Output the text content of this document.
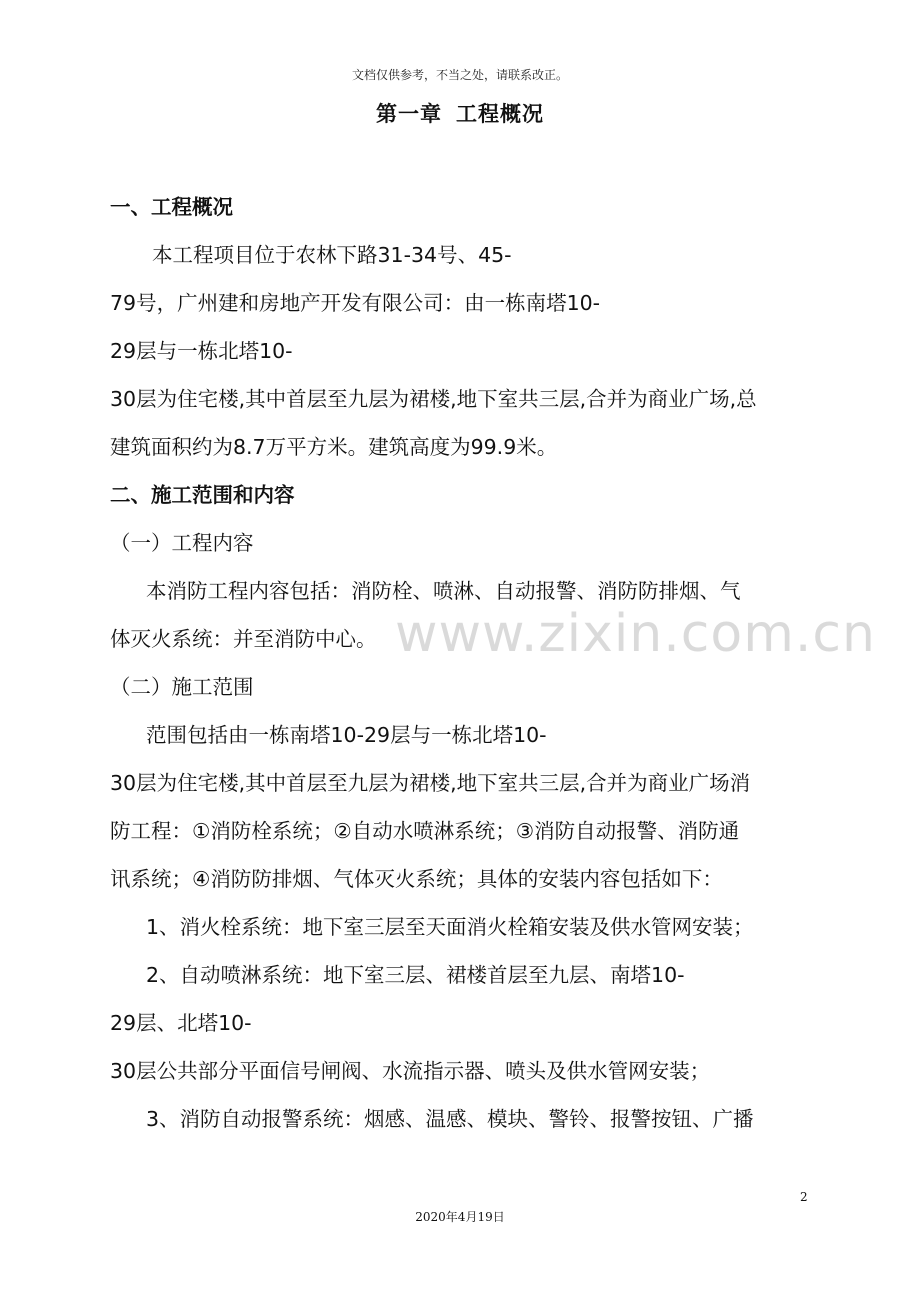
文档仅供参考，不当之处，请联系改正。
第一章 工程概况
一、工程概况
本工程项目位于农林下路31-34号、45-
79号，广州建和房地产开发有限公司：由一栋南塔10-
29层与一栋北塔10-
30层为住宅楼,其中首层至九层为裙楼,地下室共三层,合并为商业广场,总
建筑面积约为8.7万平方米。建筑高度为99.9米。
二、施工范围和内容
（一）工程内容
本消防工程内容包括：消防栓、喷淋、自动报警、消防防排烟、气
体灭火系统：并至消防中心。
（二）施工范围
范围包括由一栋南塔10-29层与一栋北塔10-
30层为住宅楼,其中首层至九层为裙楼,地下室共三层,合并为商业广场消
防工程：①消防栓系统；②自动水喷淋系统；③消防自动报警、消防通
讯系统；④消防防排烟、气体灭火系统；具体的安装内容包括如下：
1、消火栓系统：地下室三层至天面消火栓箱安装及供水管网安装；
2、自动喷淋系统：地下室三层、裙楼首层至九层、南塔10-
29层、北塔10-
30层公共部分平面信号闸阀、水流指示器、喷头及供水管网安装；
3、消防自动报警系统：烟感、温感、模块、警铃、报警按钮、广播
www.zixin.com.cn
2
2020年4月19日
